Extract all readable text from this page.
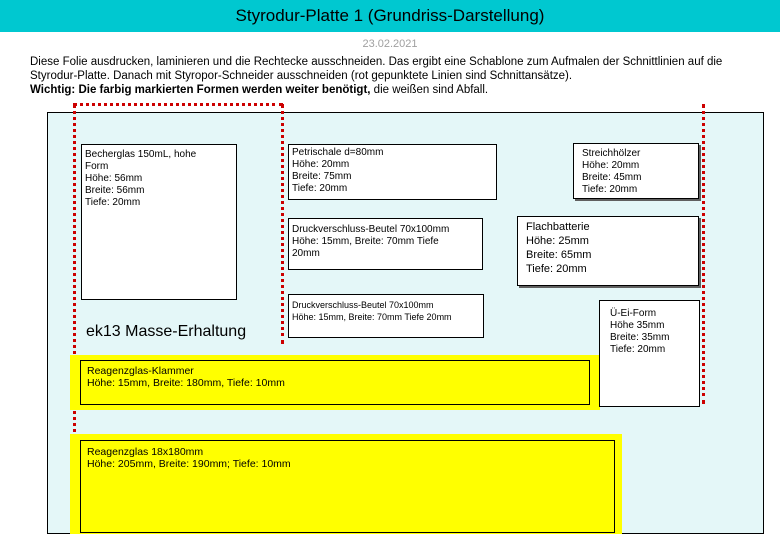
Styrodur-Platte 1 (Grundriss-Darstellung)
23.02.2021
Diese Folie ausdrucken, laminieren und die Rechtecke ausschneiden. Das ergibt eine Schablone zum Aufmalen der Schnittlinien auf die Styrodur-Platte. Danach mit Styropor-Schneider ausschneiden (rot gepunktete Linien sind Schnittansätze).
Wichtig: Die farbig markierten Formen werden weiter benötigt, die weißen sind Abfall.
Reagenzglas 18x180mm
Höhe: 205mm, Breite: 190mm; Tiefe: 10mm
Reagenzglas-Klammer
Höhe: 15mm, Breite: 180mm, Tiefe: 10mm
Becherglas 150mL, hohe
Form
Höhe: 56mm
Breite: 56mm
Tiefe: 20mm
Petrischale d=80mm
Höhe: 20mm
Breite: 75mm
Tiefe: 20mm
Streichhölzer
Höhe: 20mm
Breite: 45mm
Tiefe: 20mm
Druckverschluss-Beutel 70x100mm
Höhe: 15mm, Breite: 70mm Tiefe
20mm
Flachbatterie
Höhe: 25mm
Breite: 65mm
Tiefe: 20mm
Druckverschluss-Beutel 70x100mm
Höhe: 15mm, Breite: 70mm Tiefe 20mm	Ü-Ei-Form
Höhe 35mm
Breite: 35mm
Tiefe: 20mm
ek13 Masse-Erhaltung
